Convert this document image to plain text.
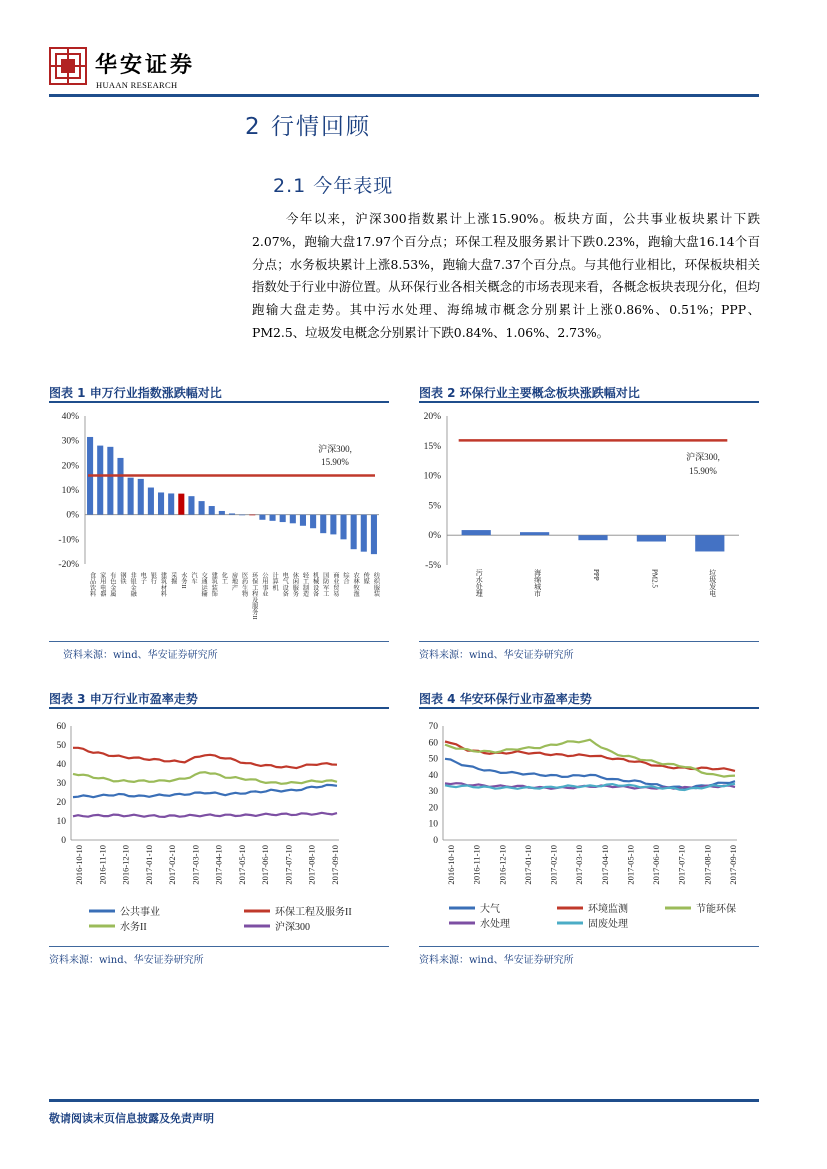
华安证券
HUAAN RESEARCH
2 行情回顾
2.1 今年表现

今年以来，沪深300指数累计上涨15.90%。板块方面，公共事业板块累计下跌2.07%，跑输大盘17.97个百分点；环保工程及服务累计下跌0.23%，跑输大盘16.14个百分点；水务板块累计上涨8.53%，跑输大盘7.37个百分点。与其他行业相比，环保板块相关指数处于行业中游位置。从环保行业各相关概念的市场表现来看，各概念板块表现分化，但均跑输大盘走势。其中污水处理、海绵城市概念分别累计上涨0.86%、0.51%；PPP、PM2.5、垃圾发电概念分别累计下跌0.84%、1.06%、2.73%。

图表 1 申万行业指数涨跌幅对比
-20%
-10%
0%
10%
20%
30%
40%
食品饮料 家用电器 有色金属 钢铁 非银金融 电子 银行 建筑材料 采掘 水务II 汽车 交通运输 建筑装饰 化工 房地产 医药生物 环保工程及服务II 公用事业 计算机 电气设备 休闲服务 轻工制造 机械设备 国防军工 商业贸易 综合 农林牧渔 传媒 纺织服装
沪深300,
15.90%
资料来源：wind、华安证券研究所
图表 2 环保行业主要概念板块涨跌幅对比
-5%
0%
5%
10%
15%
20%
污水处理	海绵城市	PPP	PM2.5	垃圾发电
沪深300,
15.90%
资料来源：wind、华安证券研究所
图表 3 申万行业市盈率走势
0
10
20
30
40
50
60
2016-10-10 2016-11-10 2016-12-10 2017-01-10 2017-02-10 2017-03-10 2017-04-10 2017-05-10 2017-06-10 2017-07-10 2017-08-10 2017-09-10
公共事业	环保工程及服务II
水务II	沪深300
资料来源：wind、华安证券研究所
图表 4 华安环保行业市盈率走势
0
10
20
30
40
50
60
70
2016-10-10 2016-11-10 2016-12-10 2017-01-10 2017-02-10 2017-03-10 2017-04-10 2017-05-10 2017-06-10 2017-07-10 2017-08-10 2017-09-10
大气	环境监测	节能环保
水处理	固废处理
资料来源：wind、华安证券研究所
敬请阅读末页信息披露及免责声明
